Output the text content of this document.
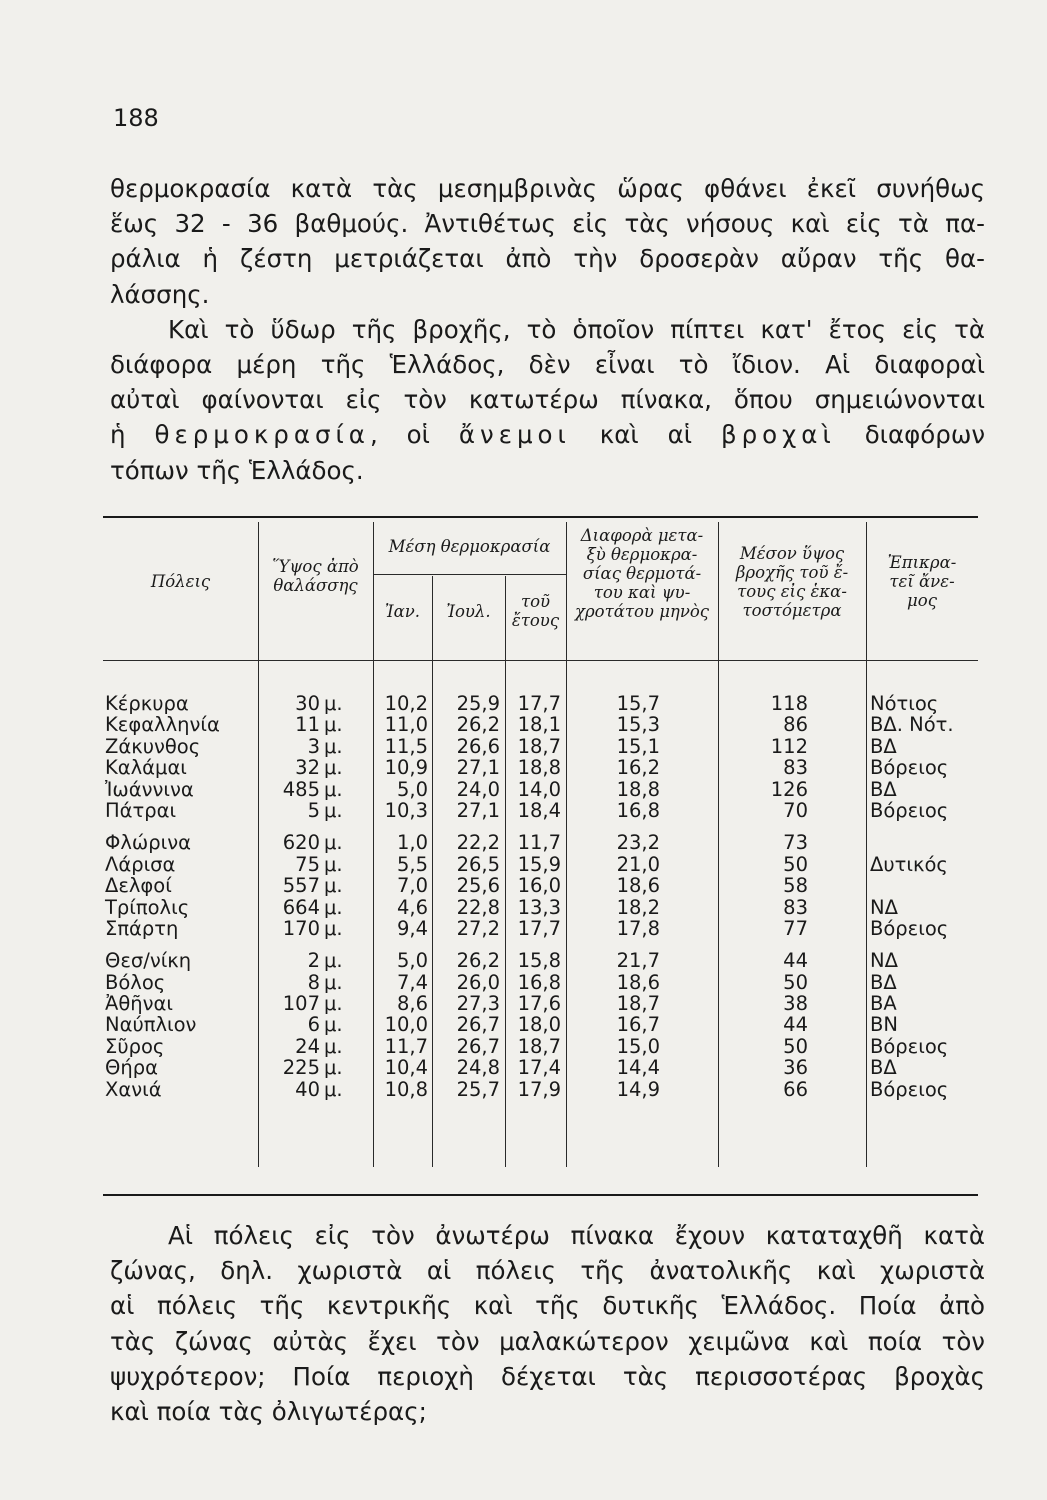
188
θερμοκρασία κατὰ τὰς μεσημβρινὰς ὥρας φθάνει ἐκεῖ συνήθως
ἕως 32 - 36 βαθμούς. Ἀντιθέτως εἰς τὰς νήσους καὶ εἰς τὰ πα-
ράλια ἡ ζέστη μετριάζεται ἀπὸ τὴν δροσερὰν αὔραν τῆς θα-
λάσσης.
Καὶ τὸ ὕδωρ τῆς βροχῆς, τὸ ὁποῖον πίπτει κατ' ἔτος εἰς τὰ
διάφορα μέρη τῆς Ἑλλάδος, δὲν εἶναι τὸ ἴδιον. Αἱ διαφοραὶ
αὐταὶ φαίνονται εἰς τὸν κατωτέρω πίνακα, ὅπου σημειώνονται
ἡ θερμοκρασία, οἱ ἄνεμοι καὶ αἱ βροχαὶ διαφόρων
τόπων τῆς Ἑλλάδος.
Πόλεις
Ὕψος ἀπὸ
θαλάσσης
Μέση θερμοκρασία
Ἰαν.	Ἰουλ.
τοῦ
ἔτους
Διαφορὰ μετα-
ξὺ θερμοκρα-
σίας θερμοτά-
του καὶ ψυ-
χροτάτου μηνὸς
Μέσον ὕψος
βροχῆς τοῦ ἔ-
τους εἰς ἑκα-
τοστόμετρα
Ἐπικρα-
τεῖ ἄνε-
μος
Κέρκυρα
Κεφαλληνία
Ζάκυνθος
Καλάμαι
Ἰωάννινα
Πάτραι
Φλώρινα
Λάρισα
Δελφοί
Τρίπολις
Σπάρτη
Θεσ/νίκη
Βόλος
Ἀθῆναι
Ναύπλιον
Σῦρος
Θήρα
Χανιά
30
11
3
32
485
5
620
75
557
664
170
2
8
107
6
24
225
40
μ.
μ.
μ.
μ.
μ.
μ.
μ.
μ.
μ.
μ.
μ.
μ.
μ.
μ.
μ.
μ.
μ.
μ.
10,2
11,0
11,5
10,9
5,0
10,3
1,0
5,5
7,0
4,6
9,4
5,0
7,4
8,6
10,0
11,7
10,4
10,8
25,9
26,2
26,6
27,1
24,0
27,1
22,2
26,5
25,6
22,8
27,2
26,2
26,0
27,3
26,7
26,7
24,8
25,7
17,7
18,1
18,7
18,8
14,0
18,4
11,7
15,9
16,0
13,3
17,7
15,8
16,8
17,6
18,0
18,7
17,4
17,9
15,7
15,3
15,1
16,2
18,8
16,8
23,2
21,0
18,6
18,2
17,8
21,7
18,6
18,7
16,7
15,0
14,4
14,9
118
86
112
83
126
70
73
50
58
83
77
44
50
38
44
50
36
66
Νότιος
ΒΔ. Νότ.
ΒΔ
Βόρειος
ΒΔ
Βόρειος
Δυτικός
ΝΔ
Βόρειος
ΝΔ
ΒΔ
ΒΑ
ΒΝ
Βόρειος
ΒΔ
Βόρειος
Αἱ πόλεις εἰς τὸν ἀνωτέρω πίνακα ἔχουν καταταχθῆ κατὰ
ζώνας, δηλ. χωριστὰ αἱ πόλεις τῆς ἀνατολικῆς καὶ χωριστὰ
αἱ πόλεις τῆς κεντρικῆς καὶ τῆς δυτικῆς Ἑλλάδος. Ποία ἀπὸ
τὰς ζώνας αὐτὰς ἔχει τὸν μαλακώτερον χειμῶνα καὶ ποία τὸν
ψυχρότερον; Ποία περιοχὴ δέχεται τὰς περισσοτέρας βροχὰς
καὶ ποία τὰς ὀλιγωτέρας;
